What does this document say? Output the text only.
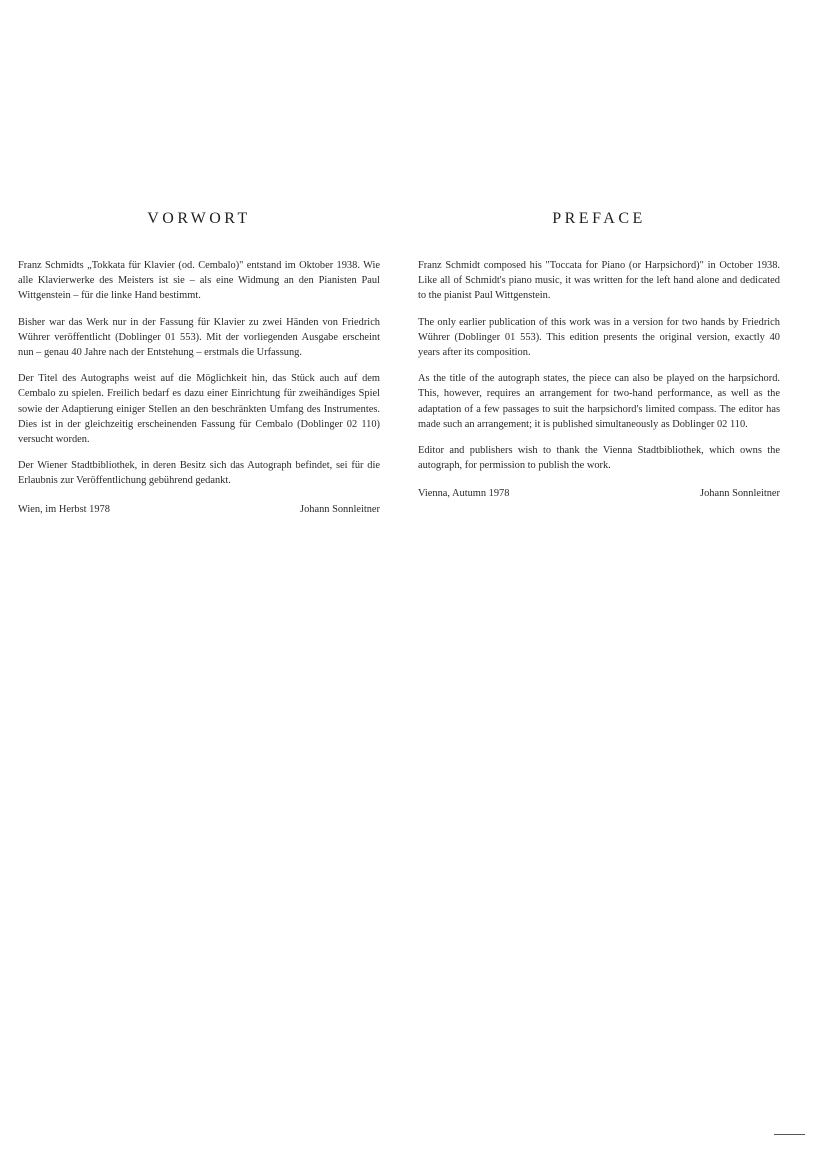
VORWORT

Franz Schmidts „Tokkata für Klavier (od. Cembalo)" entstand im Oktober 1938. Wie alle Klavierwerke des Meisters ist sie – als eine Widmung an den Pianisten Paul Wittgenstein – für die linke Hand bestimmt.

Bisher war das Werk nur in der Fassung für Klavier zu zwei Händen von Friedrich Wührer veröffentlicht (Doblinger 01 553). Mit der vorliegenden Ausgabe erscheint nun – genau 40 Jahre nach der Entstehung – erstmals die Urfassung.

Der Titel des Autographs weist auf die Möglichkeit hin, das Stück auch auf dem Cembalo zu spielen. Freilich bedarf es dazu einer Einrichtung für zweihändiges Spiel sowie der Adaptierung einiger Stellen an den beschränkten Umfang des Instrumentes. Dies ist in der gleichzeitig erscheinenden Fassung für Cembalo (Doblinger 02 110) versucht worden.

Der Wiener Stadtbibliothek, in deren Besitz sich das Autograph befindet, sei für die Erlaubnis zur Veröffentlichung gebührend gedankt.

Wien, im Herbst 1978	Johann Sonnleitner
PREFACE

Franz Schmidt composed his "Toccata for Piano (or Harpsichord)" in October 1938. Like all of Schmidt's piano music, it was written for the left hand alone and dedicated to the pianist Paul Wittgenstein.

The only earlier publication of this work was in a version for two hands by Friedrich Wührer (Doblinger 01 553). This edition presents the original version, exactly 40 years after its composition.

As the title of the autograph states, the piece can also be played on the harpsichord. This, however, requires an arrangement for two-hand performance, as well as the adaptation of a few passages to suit the harpsichord's limited compass. The editor has made such an arrangement; it is published simultaneously as Doblinger 02 110.

Editor and publishers wish to thank the Vienna Stadtbibliothek, which owns the autograph, for permission to publish the work.

Vienna, Autumn 1978	Johann Sonnleitner
